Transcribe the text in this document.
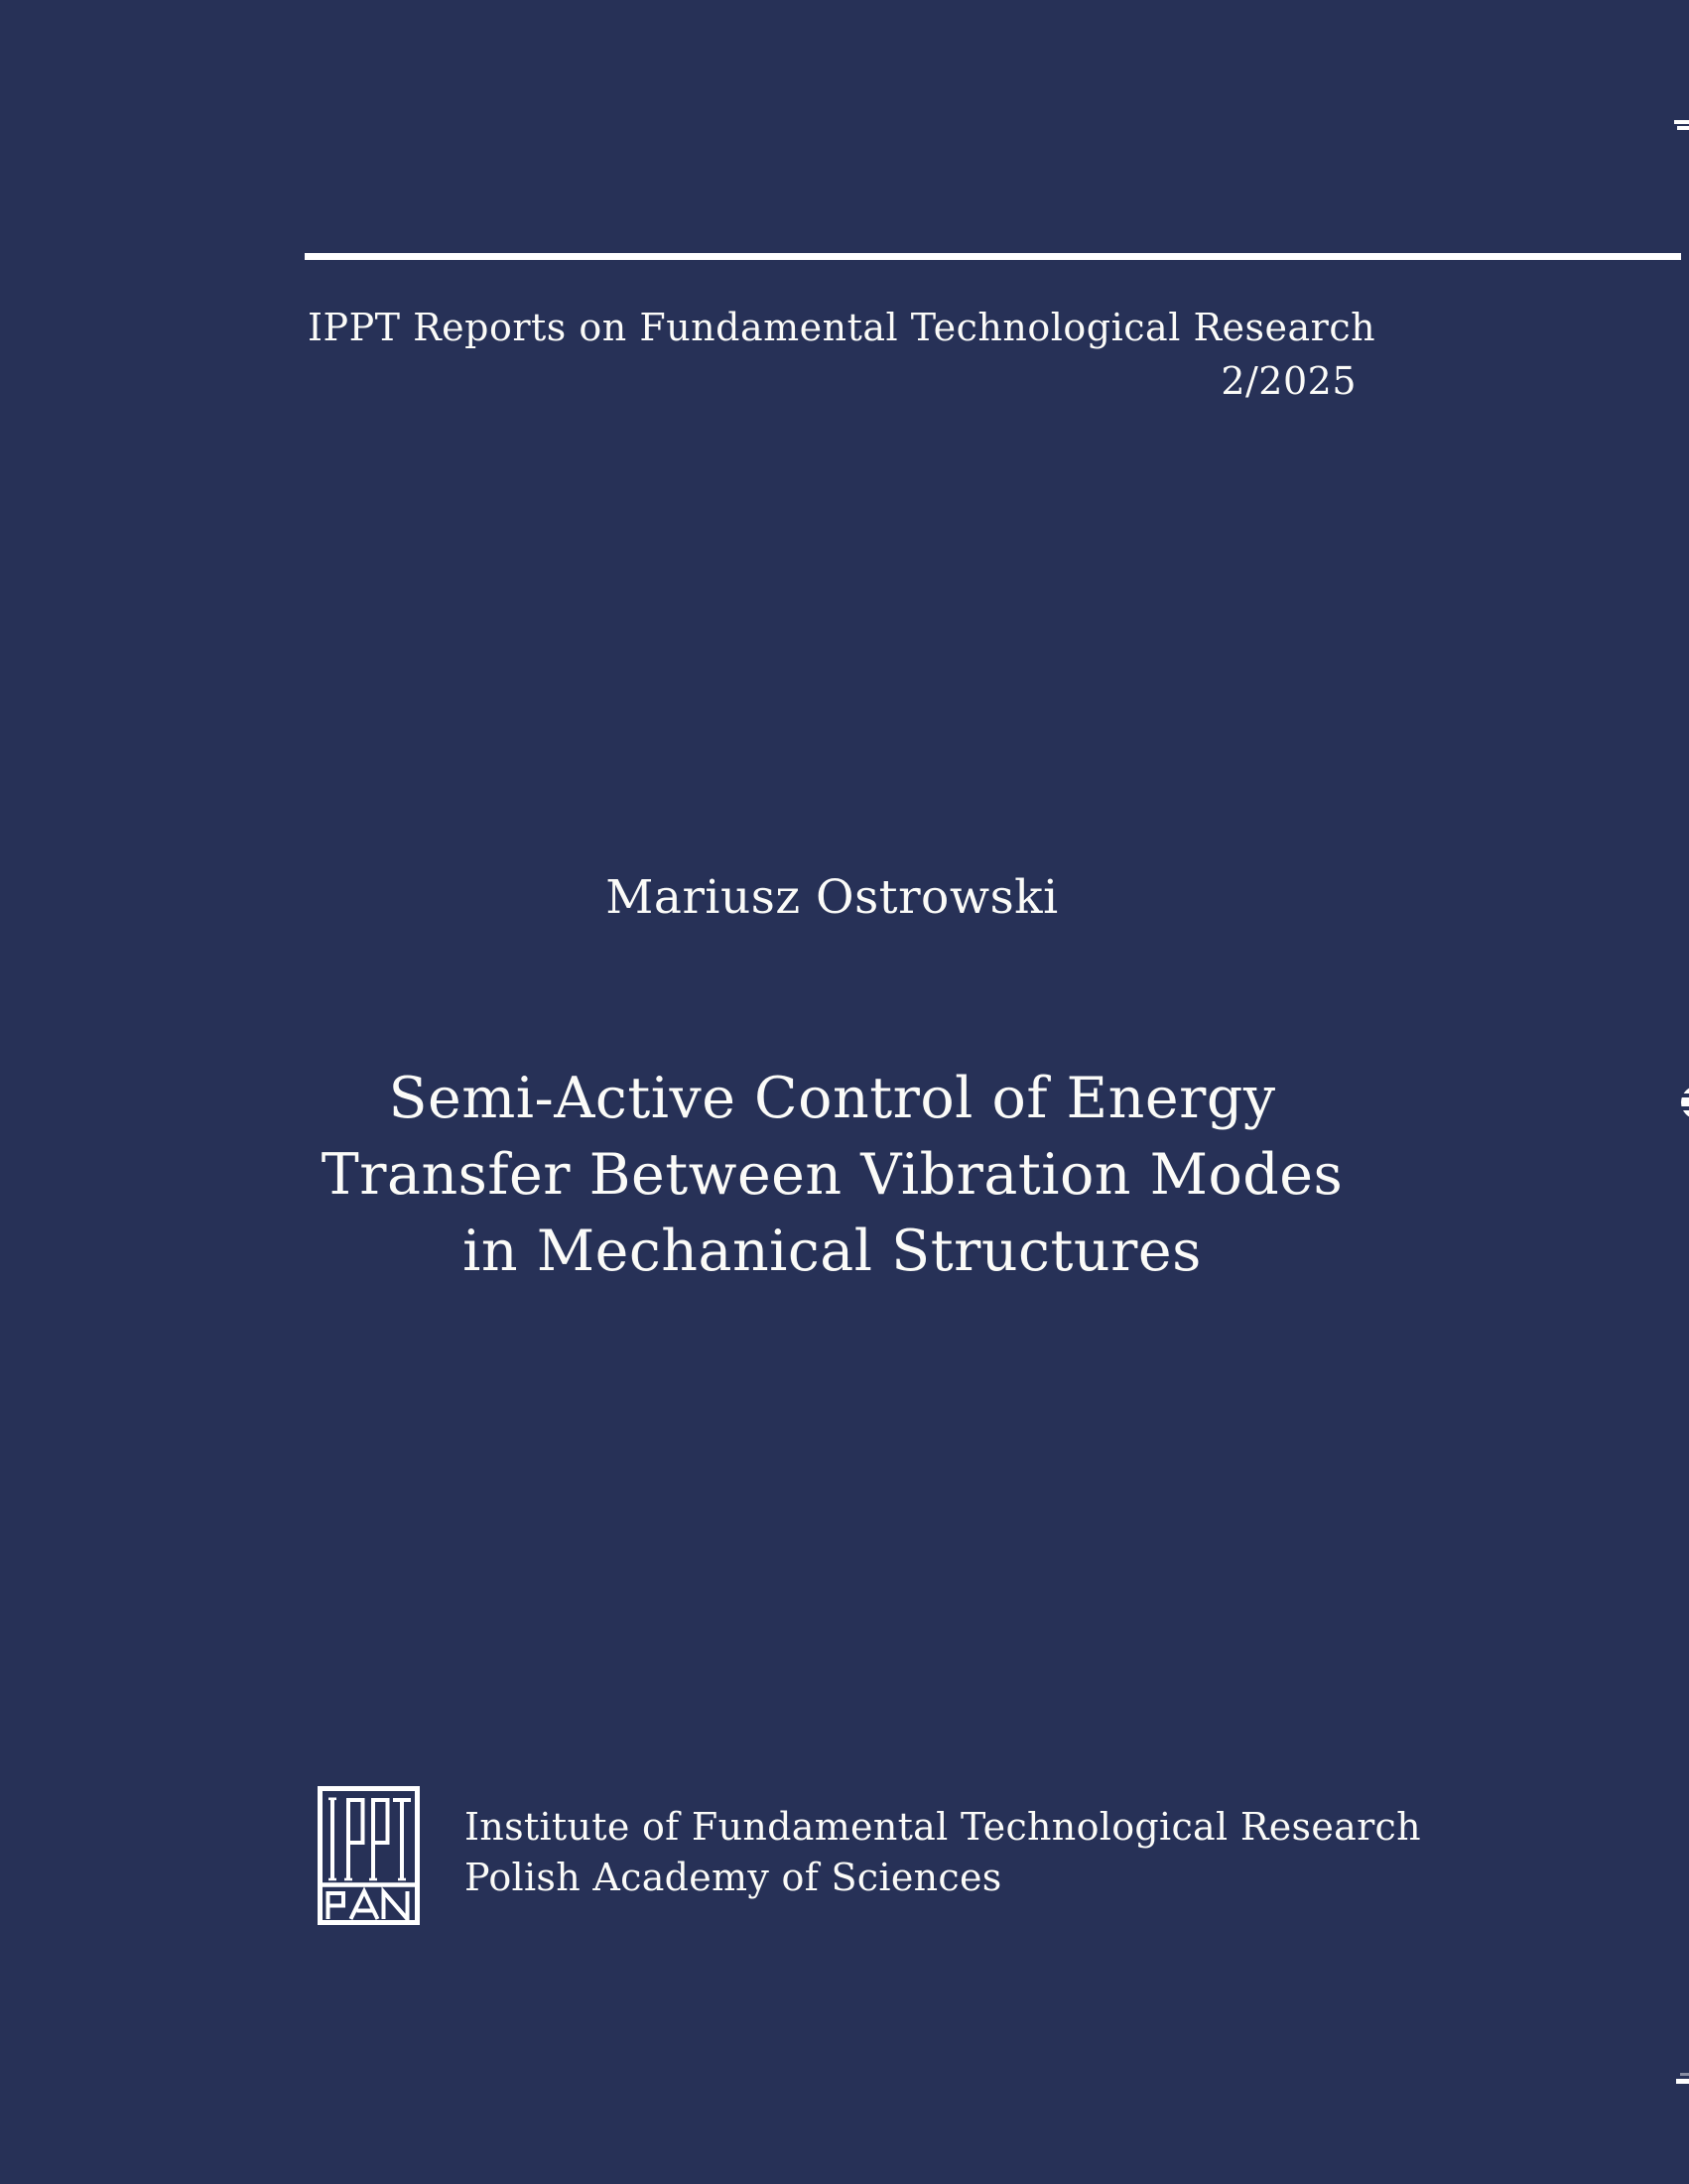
IPPT Reports on Fundamental Technological Research
2/2025
Mariusz Ostrowski
Semi-Active Control of Energy
Transfer Between Vibration Modes
in Mechanical Structures
Institute of Fundamental Technological Research
Polish Academy of Sciences
